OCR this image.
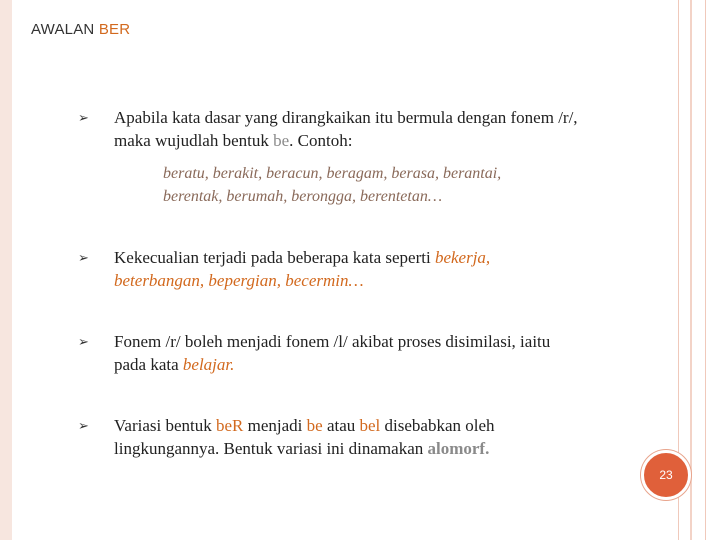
AWALAN BER
➢	Apabila kata dasar yang dirangkaikan itu bermula dengan fonem /r/,
maka wujudlah bentuk be. Contoh:
beratu, berakit, beracun, beragam, berasa, berantai,
berentak, berumah, berongga, berentetan…
➢	Kekecualian terjadi pada beberapa kata seperti bekerja,
beterbangan, bepergian, becermin…
➢	Fonem /r/ boleh menjadi fonem /l/ akibat proses disimilasi, iaitu
pada kata belajar.
➢	Variasi bentuk beR menjadi be atau bel disebabkan oleh
lingkungannya. Bentuk variasi ini dinamakan alomorf.
23
